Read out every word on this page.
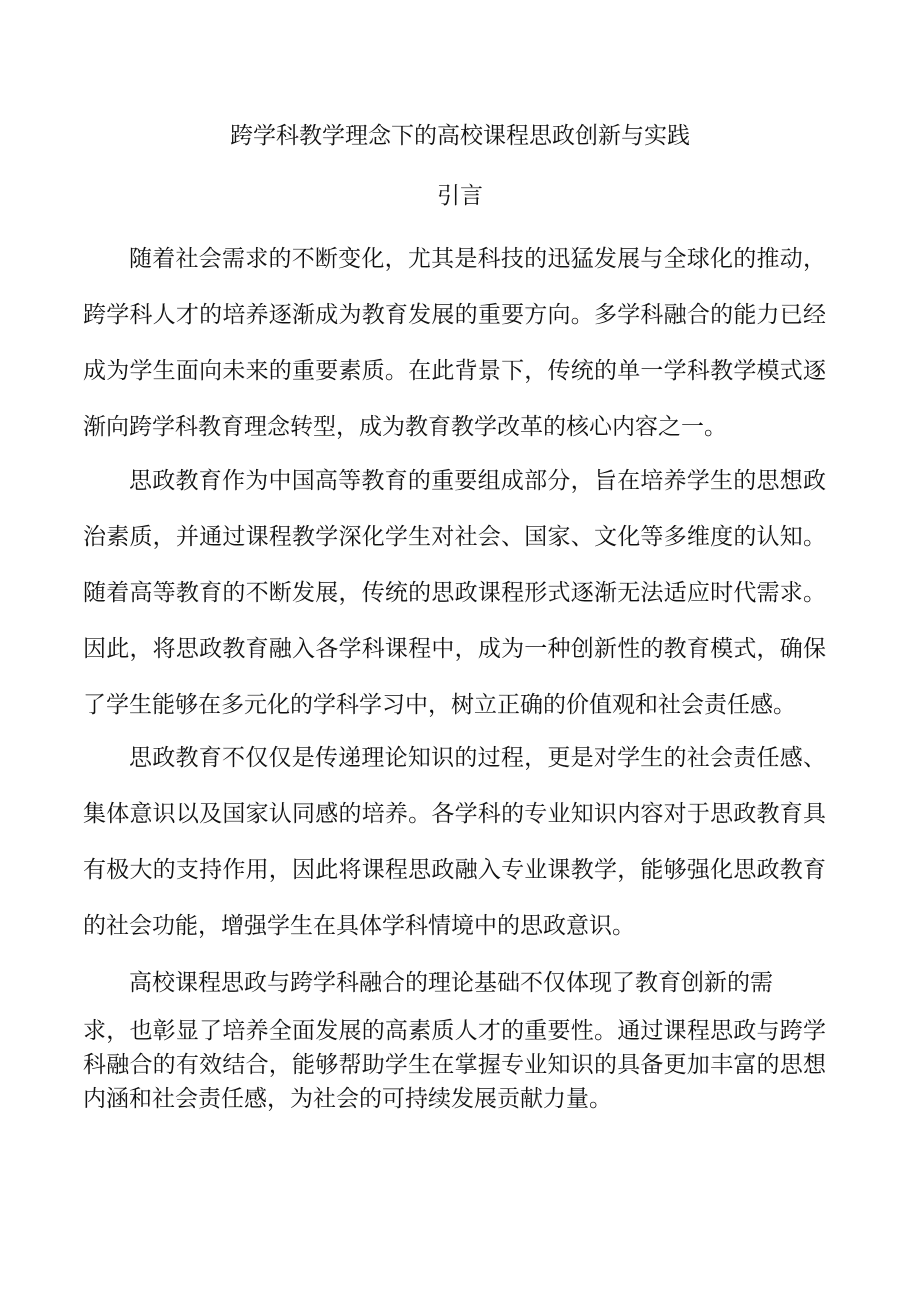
跨学科教学理念下的高校课程思政创新与实践
引言

随着社会需求的不断变化，尤其是科技的迅猛发展与全球化的推动，跨学科人才的培养逐渐成为教育发展的重要方向。多学科融合的能力已经成为学生面向未来的重要素质。在此背景下，传统的单一学科教学模式逐渐向跨学科教育理念转型，成为教育教学改革的核心内容之一。

思政教育作为中国高等教育的重要组成部分，旨在培养学生的思想政治素质，并通过课程教学深化学生对社会、国家、文化等多维度的认知。随着高等教育的不断发展，传统的思政课程形式逐渐无法适应时代需求。因此，将思政教育融入各学科课程中，成为一种创新性的教育模式，确保了学生能够在多元化的学科学习中，树立正确的价值观和社会责任感。

思政教育不仅仅是传递理论知识的过程，更是对学生的社会责任感、集体意识以及国家认同感的培养。各学科的专业知识内容对于思政教育具有极大的支持作用，因此将课程思政融入专业课教学，能够强化思政教育的社会功能，增强学生在具体学科情境中的思政意识。

高校课程思政与跨学科融合的理论基础不仅体现了教育创新的需

求，也彰显了培养全面发展的高素质人才的重要性。通过课程思政与跨学科融合的有效结合，能够帮助学生在掌握专业知识的具备更加丰富的思想内涵和社会责任感，为社会的可持续发展贡献力量。
